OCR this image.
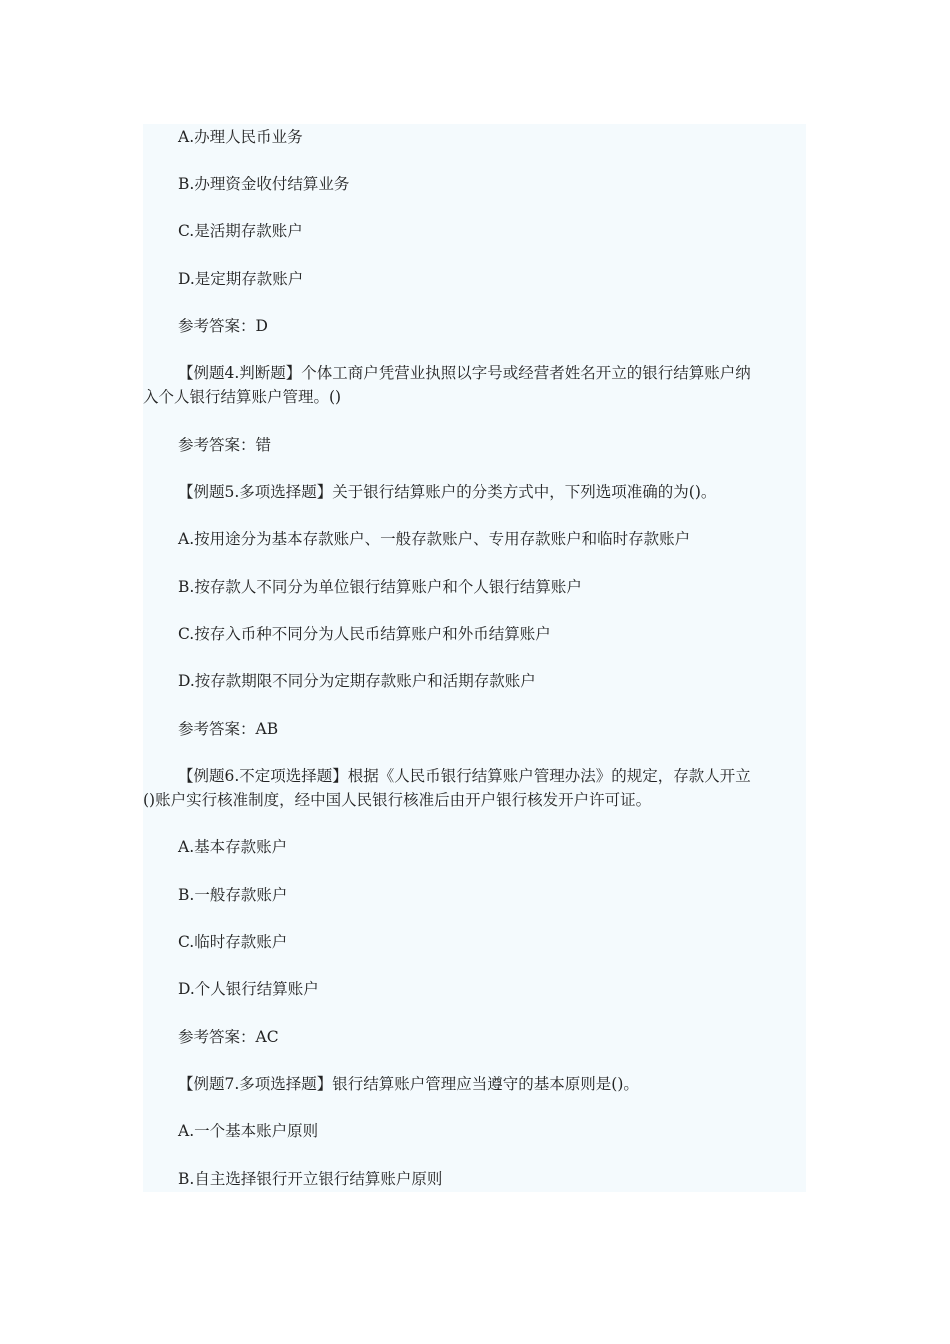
A.办理人民币业务
B.办理资金收付结算业务
C.是活期存款账户
D.是定期存款账户
参考答案：D
【例题4.判断题】个体工商户凭营业执照以字号或经营者姓名开立的银行结算账户纳
入个人银行结算账户管理。()
参考答案：错
【例题5.多项选择题】关于银行结算账户的分类方式中，下列选项准确的为()。
A.按用途分为基本存款账户、一般存款账户、专用存款账户和临时存款账户
B.按存款人不同分为单位银行结算账户和个人银行结算账户
C.按存入币种不同分为人民币结算账户和外币结算账户
D.按存款期限不同分为定期存款账户和活期存款账户
参考答案：AB
【例题6.不定项选择题】根据《人民币银行结算账户管理办法》的规定，存款人开立
()账户实行核准制度，经中国人民银行核准后由开户银行核发开户许可证。
A.基本存款账户
B.一般存款账户
C.临时存款账户
D.个人银行结算账户
参考答案：AC
【例题7.多项选择题】银行结算账户管理应当遵守的基本原则是()。
A.一个基本账户原则
B.自主选择银行开立银行结算账户原则
